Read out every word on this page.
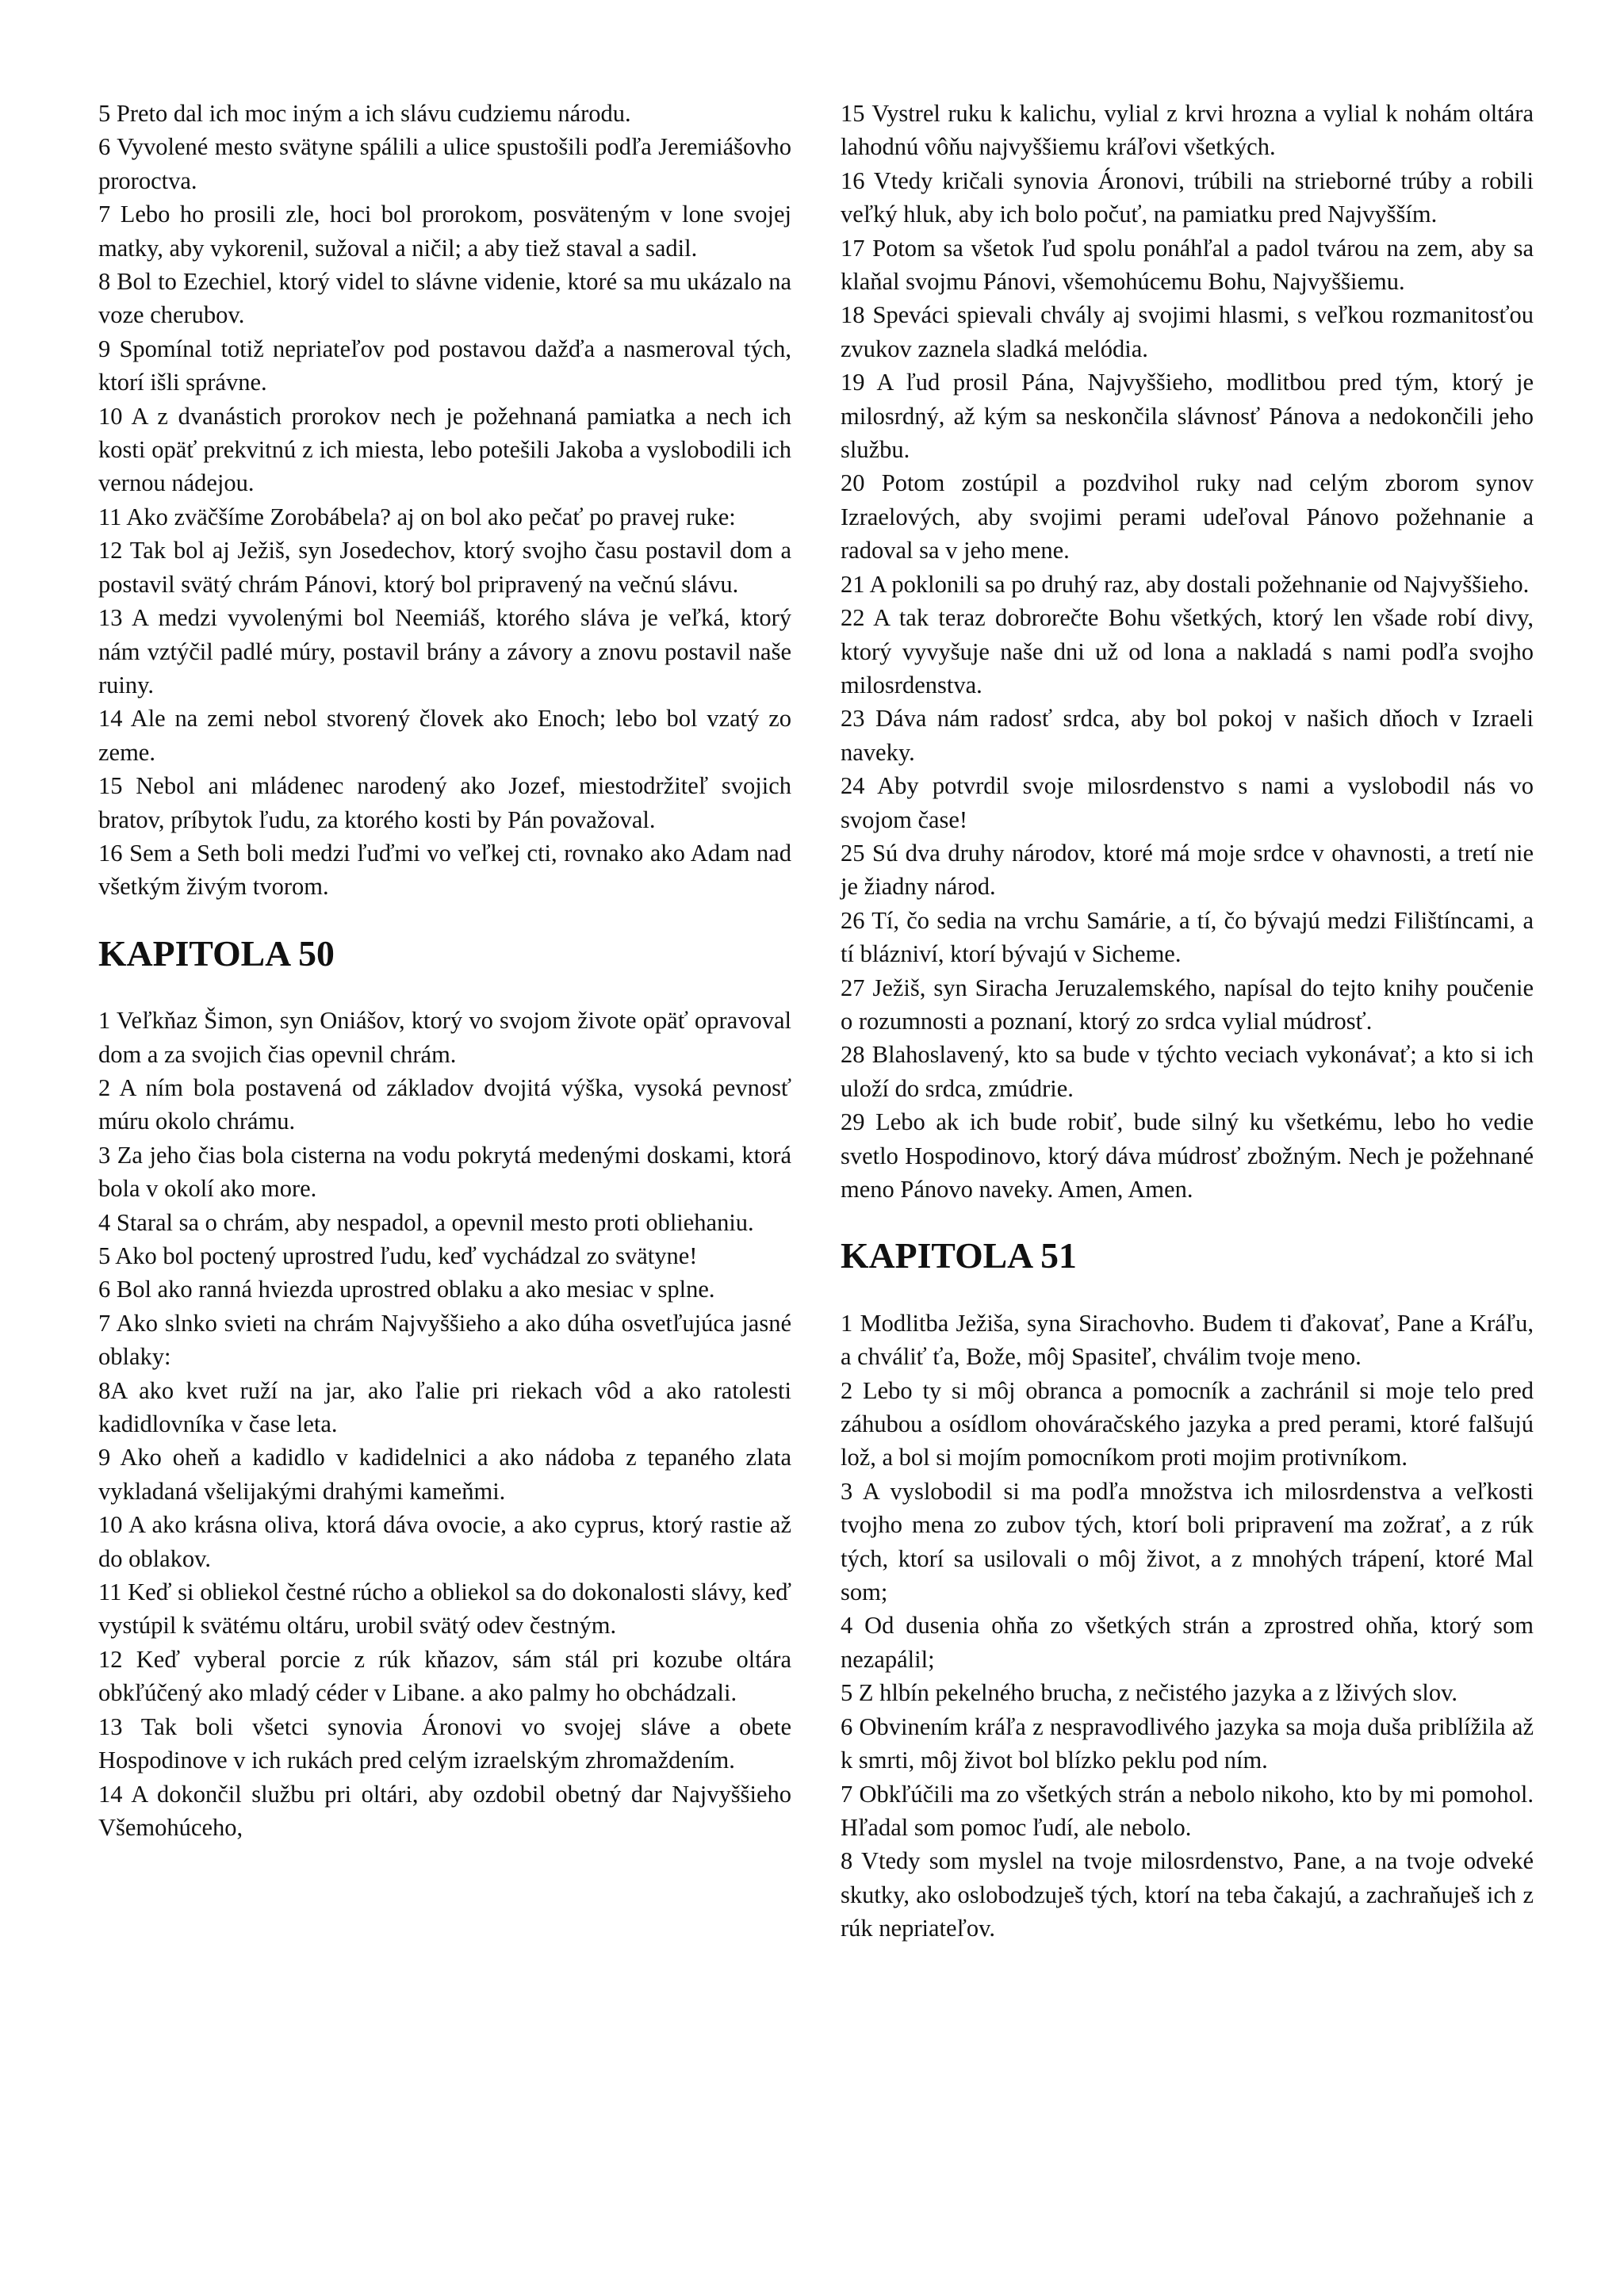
5 Preto dal ich moc iným a ich slávu cudziemu národu.

6 Vyvolené mesto svätyne spálili a ulice spustošili podľa Jeremiášovho proroctva.

7 Lebo ho prosili zle, hoci bol prorokom, posväteným v lone svojej matky, aby vykorenil, sužoval a ničil; a aby tiež staval a sadil.

8 Bol to Ezechiel, ktorý videl to slávne videnie, ktoré sa mu ukázalo na voze cherubov.

9 Spomínal totiž nepriateľov pod postavou dažďa a nasmeroval tých, ktorí išli správne.

10 A z dvanástich prorokov nech je požehnaná pamiatka a nech ich kosti opäť prekvitnú z ich miesta, lebo potešili Jakoba a vyslobodili ich vernou nádejou.

11 Ako zväčšíme Zorobábela? aj on bol ako pečať po pravej ruke:

12 Tak bol aj Ježiš, syn Josedechov, ktorý svojho času postavil dom a postavil svätý chrám Pánovi, ktorý bol pripravený na večnú slávu.

13 A medzi vyvolenými bol Neemiáš, ktorého sláva je veľká, ktorý nám vztýčil padlé múry, postavil brány a závory a znovu postavil naše ruiny.

14 Ale na zemi nebol stvorený človek ako Enoch; lebo bol vzatý zo zeme.

15 Nebol ani mládenec narodený ako Jozef, miestodržiteľ svojich bratov, príbytok ľudu, za ktorého kosti by Pán považoval.

16 Sem a Seth boli medzi ľuďmi vo veľkej cti, rovnako ako Adam nad všetkým živým tvorom.

KAPITOLA 50

1 Veľkňaz Šimon, syn Oniášov, ktorý vo svojom živote opäť opravoval dom a za svojich čias opevnil chrám.

2 A ním bola postavená od základov dvojitá výška, vysoká pevnosť múru okolo chrámu.

3 Za jeho čias bola cisterna na vodu pokrytá medenými doskami, ktorá bola v okolí ako more.

4 Staral sa o chrám, aby nespadol, a opevnil mesto proti obliehaniu.

5 Ako bol poctený uprostred ľudu, keď vychádzal zo svätyne!

6 Bol ako ranná hviezda uprostred oblaku a ako mesiac v splne.

7 Ako slnko svieti na chrám Najvyššieho a ako dúha osvetľujúca jasné oblaky:

8A ako kvet ruží na jar, ako ľalie pri riekach vôd a ako ratolesti kadidlovníka v čase leta.

9 Ako oheň a kadidlo v kadidelnici a ako nádoba z tepaného zlata vykladaná všelijakými drahými kameňmi.

10 A ako krásna oliva, ktorá dáva ovocie, a ako cyprus, ktorý rastie až do oblakov.

11 Keď si obliekol čestné rúcho a obliekol sa do dokonalosti slávy, keď vystúpil k svätému oltáru, urobil svätý odev čestným.

12 Keď vyberal porcie z rúk kňazov, sám stál pri kozube oltára obkľúčený ako mladý céder v Libane. a ako palmy ho obchádzali.

13 Tak boli všetci synovia Áronovi vo svojej sláve a obete Hospodinove v ich rukách pred celým izraelským zhromaždením.

14 A dokončil službu pri oltári, aby ozdobil obetný dar Najvyššieho Všemohúceho,

15 Vystrel ruku k kalichu, vylial z krvi hrozna a vylial k nohám oltára lahodnú vôňu najvyššiemu kráľovi všetkých.

16 Vtedy kričali synovia Áronovi, trúbili na strieborné trúby a robili veľký hluk, aby ich bolo počuť, na pamiatku pred Najvyšším.

17 Potom sa všetok ľud spolu ponáhľal a padol tvárou na zem, aby sa klaňal svojmu Pánovi, všemohúcemu Bohu, Najvyššiemu.

18 Speváci spievali chvály aj svojimi hlasmi, s veľkou rozmanitosťou zvukov zaznela sladká melódia.

19 A ľud prosil Pána, Najvyššieho, modlitbou pred tým, ktorý je milosrdný, až kým sa neskončila slávnosť Pánova a nedokončili jeho službu.

20 Potom zostúpil a pozdvihol ruky nad celým zborom synov Izraelových, aby svojimi perami udeľoval Pánovo požehnanie a radoval sa v jeho mene.

21 A poklonili sa po druhý raz, aby dostali požehnanie od Najvyššieho.

22 A tak teraz dobrorečte Bohu všetkých, ktorý len všade robí divy, ktorý vyvyšuje naše dni už od lona a nakladá s nami podľa svojho milosrdenstva.

23 Dáva nám radosť srdca, aby bol pokoj v našich dňoch v Izraeli naveky.

24 Aby potvrdil svoje milosrdenstvo s nami a vyslobodil nás vo svojom čase!

25 Sú dva druhy národov, ktoré má moje srdce v ohavnosti, a tretí nie je žiadny národ.

26 Tí, čo sedia na vrchu Samárie, a tí, čo bývajú medzi Filištíncami, a tí blázniví, ktorí bývajú v Sicheme.

27 Ježiš, syn Siracha Jeruzalemského, napísal do tejto knihy poučenie o rozumnosti a poznaní, ktorý zo srdca vylial múdrosť.

28 Blahoslavený, kto sa bude v týchto veciach vykonávať; a kto si ich uloží do srdca, zmúdrie.

29 Lebo ak ich bude robiť, bude silný ku všetkému, lebo ho vedie svetlo Hospodinovo, ktorý dáva múdrosť zbožným. Nech je požehnané meno Pánovo naveky. Amen, Amen.

KAPITOLA 51

1 Modlitba Ježiša, syna Sirachovho. Budem ti ďakovať, Pane a Kráľu, a chváliť ťa, Bože, môj Spasiteľ, chválim tvoje meno.

2 Lebo ty si môj obranca a pomocník a zachránil si moje telo pred záhubou a osídlom ohováračského jazyka a pred perami, ktoré falšujú lož, a bol si mojím pomocníkom proti mojim protivníkom.

3 A vyslobodil si ma podľa množstva ich milosrdenstva a veľkosti tvojho mena zo zubov tých, ktorí boli pripravení ma zožrať, a z rúk tých, ktorí sa usilovali o môj život, a z mnohých trápení, ktoré Mal som;

4 Od dusenia ohňa zo všetkých strán a zprostred ohňa, ktorý som nezapálil;

5 Z hlbín pekelného brucha, z nečistého jazyka a z lživých slov.

6 Obvinením kráľa z nespravodlivého jazyka sa moja duša priblížila až k smrti, môj život bol blízko peklu pod ním.

7 Obkľúčili ma zo všetkých strán a nebolo nikoho, kto by mi pomohol. Hľadal som pomoc ľudí, ale nebolo.

8 Vtedy som myslel na tvoje milosrdenstvo, Pane, a na tvoje odveké skutky, ako oslobodzuješ tých, ktorí na teba čakajú, a zachraňuješ ich z rúk nepriateľov.
